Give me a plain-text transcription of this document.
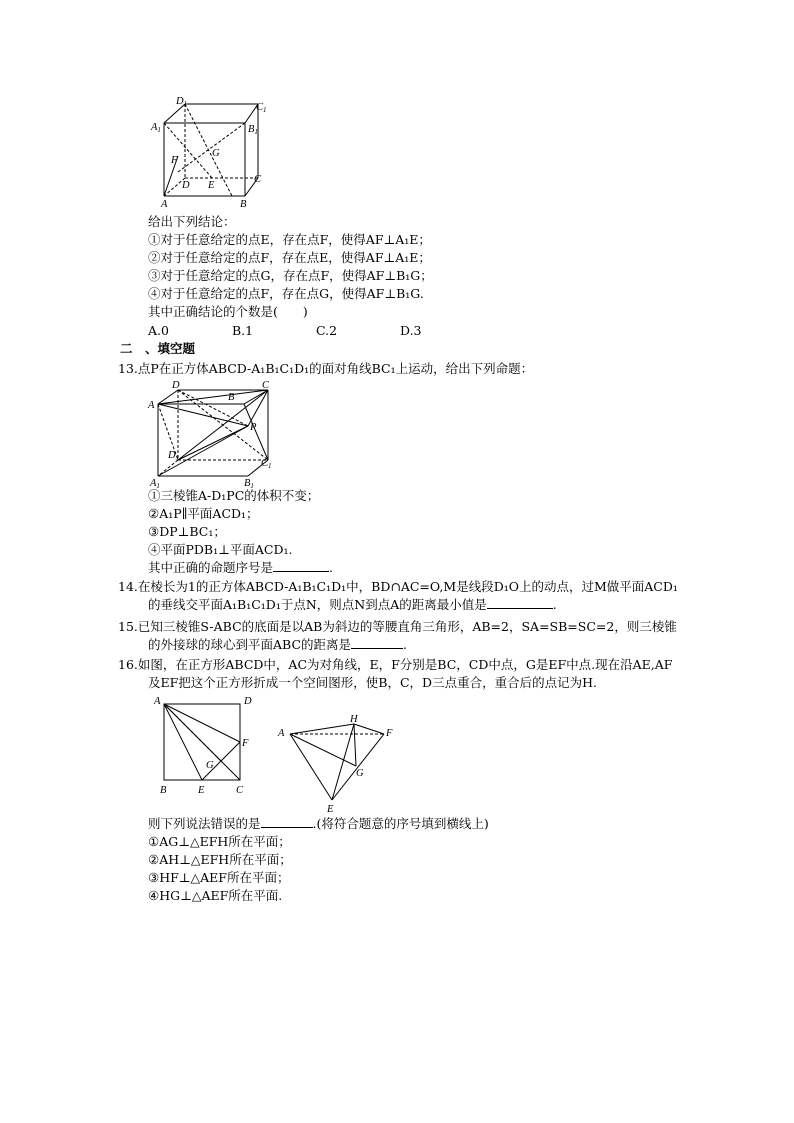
D1	C1
A1	B1
G
F
D E
C
A	B
给出下列结论：
①对于任意给定的点E，存在点F，使得AF⊥A₁E；
②对于任意给定的点F，存在点E，使得AF⊥A₁E；
③对于任意给定的点G，存在点F，使得AF⊥B₁G；
④对于任意给定的点F，存在点G，使得AF⊥B₁G.
其中正确结论的个数是(　　)
A.0	B.1	C.2	D.3
二　、填空题
13.点P在正方体ABCD-A₁B₁C₁D₁的面对角线BC₁上运动，给出下列命题：
A
D
B
C
P
D1	C1
A1	B1
①三棱锥A-D₁PC的体积不变；
②A₁P∥平面ACD₁；
③DP⊥BC₁；
④平面PDB₁⊥平面ACD₁.
其中正确的命题序号是	.
14.在棱长为1的正方体ABCD-A₁B₁C₁D₁中，BD∩AC=O,M是线段D₁O上的动点，过M做平面ACD₁
的垂线交平面A₁B₁C₁D₁于点N，则点N到点A的距离最小值是	.
15.已知三棱锥S-ABC的底面是以AB为斜边的等腰直角三角形，AB=2，SA=SB=SC=2，则三棱锥
的外接球的球心到平面ABC的距离是	.
16.如图，在正方形ABCD中，AC为对角线，E，F分别是BC，CD中点，G是EF中点.现在沿AE,AF
及EF把这个正方形折成一个空间图形，使B，C，D三点重合，重合后的点记为H.
A	D
F
G
B	E	C
H
A	F
G
E
则下列说法错误的是	.(将符合题意的序号填到横线上)
①AG⊥△EFH所在平面；
②AH⊥△EFH所在平面；
③HF⊥△AEF所在平面；
④HG⊥△AEF所在平面.
